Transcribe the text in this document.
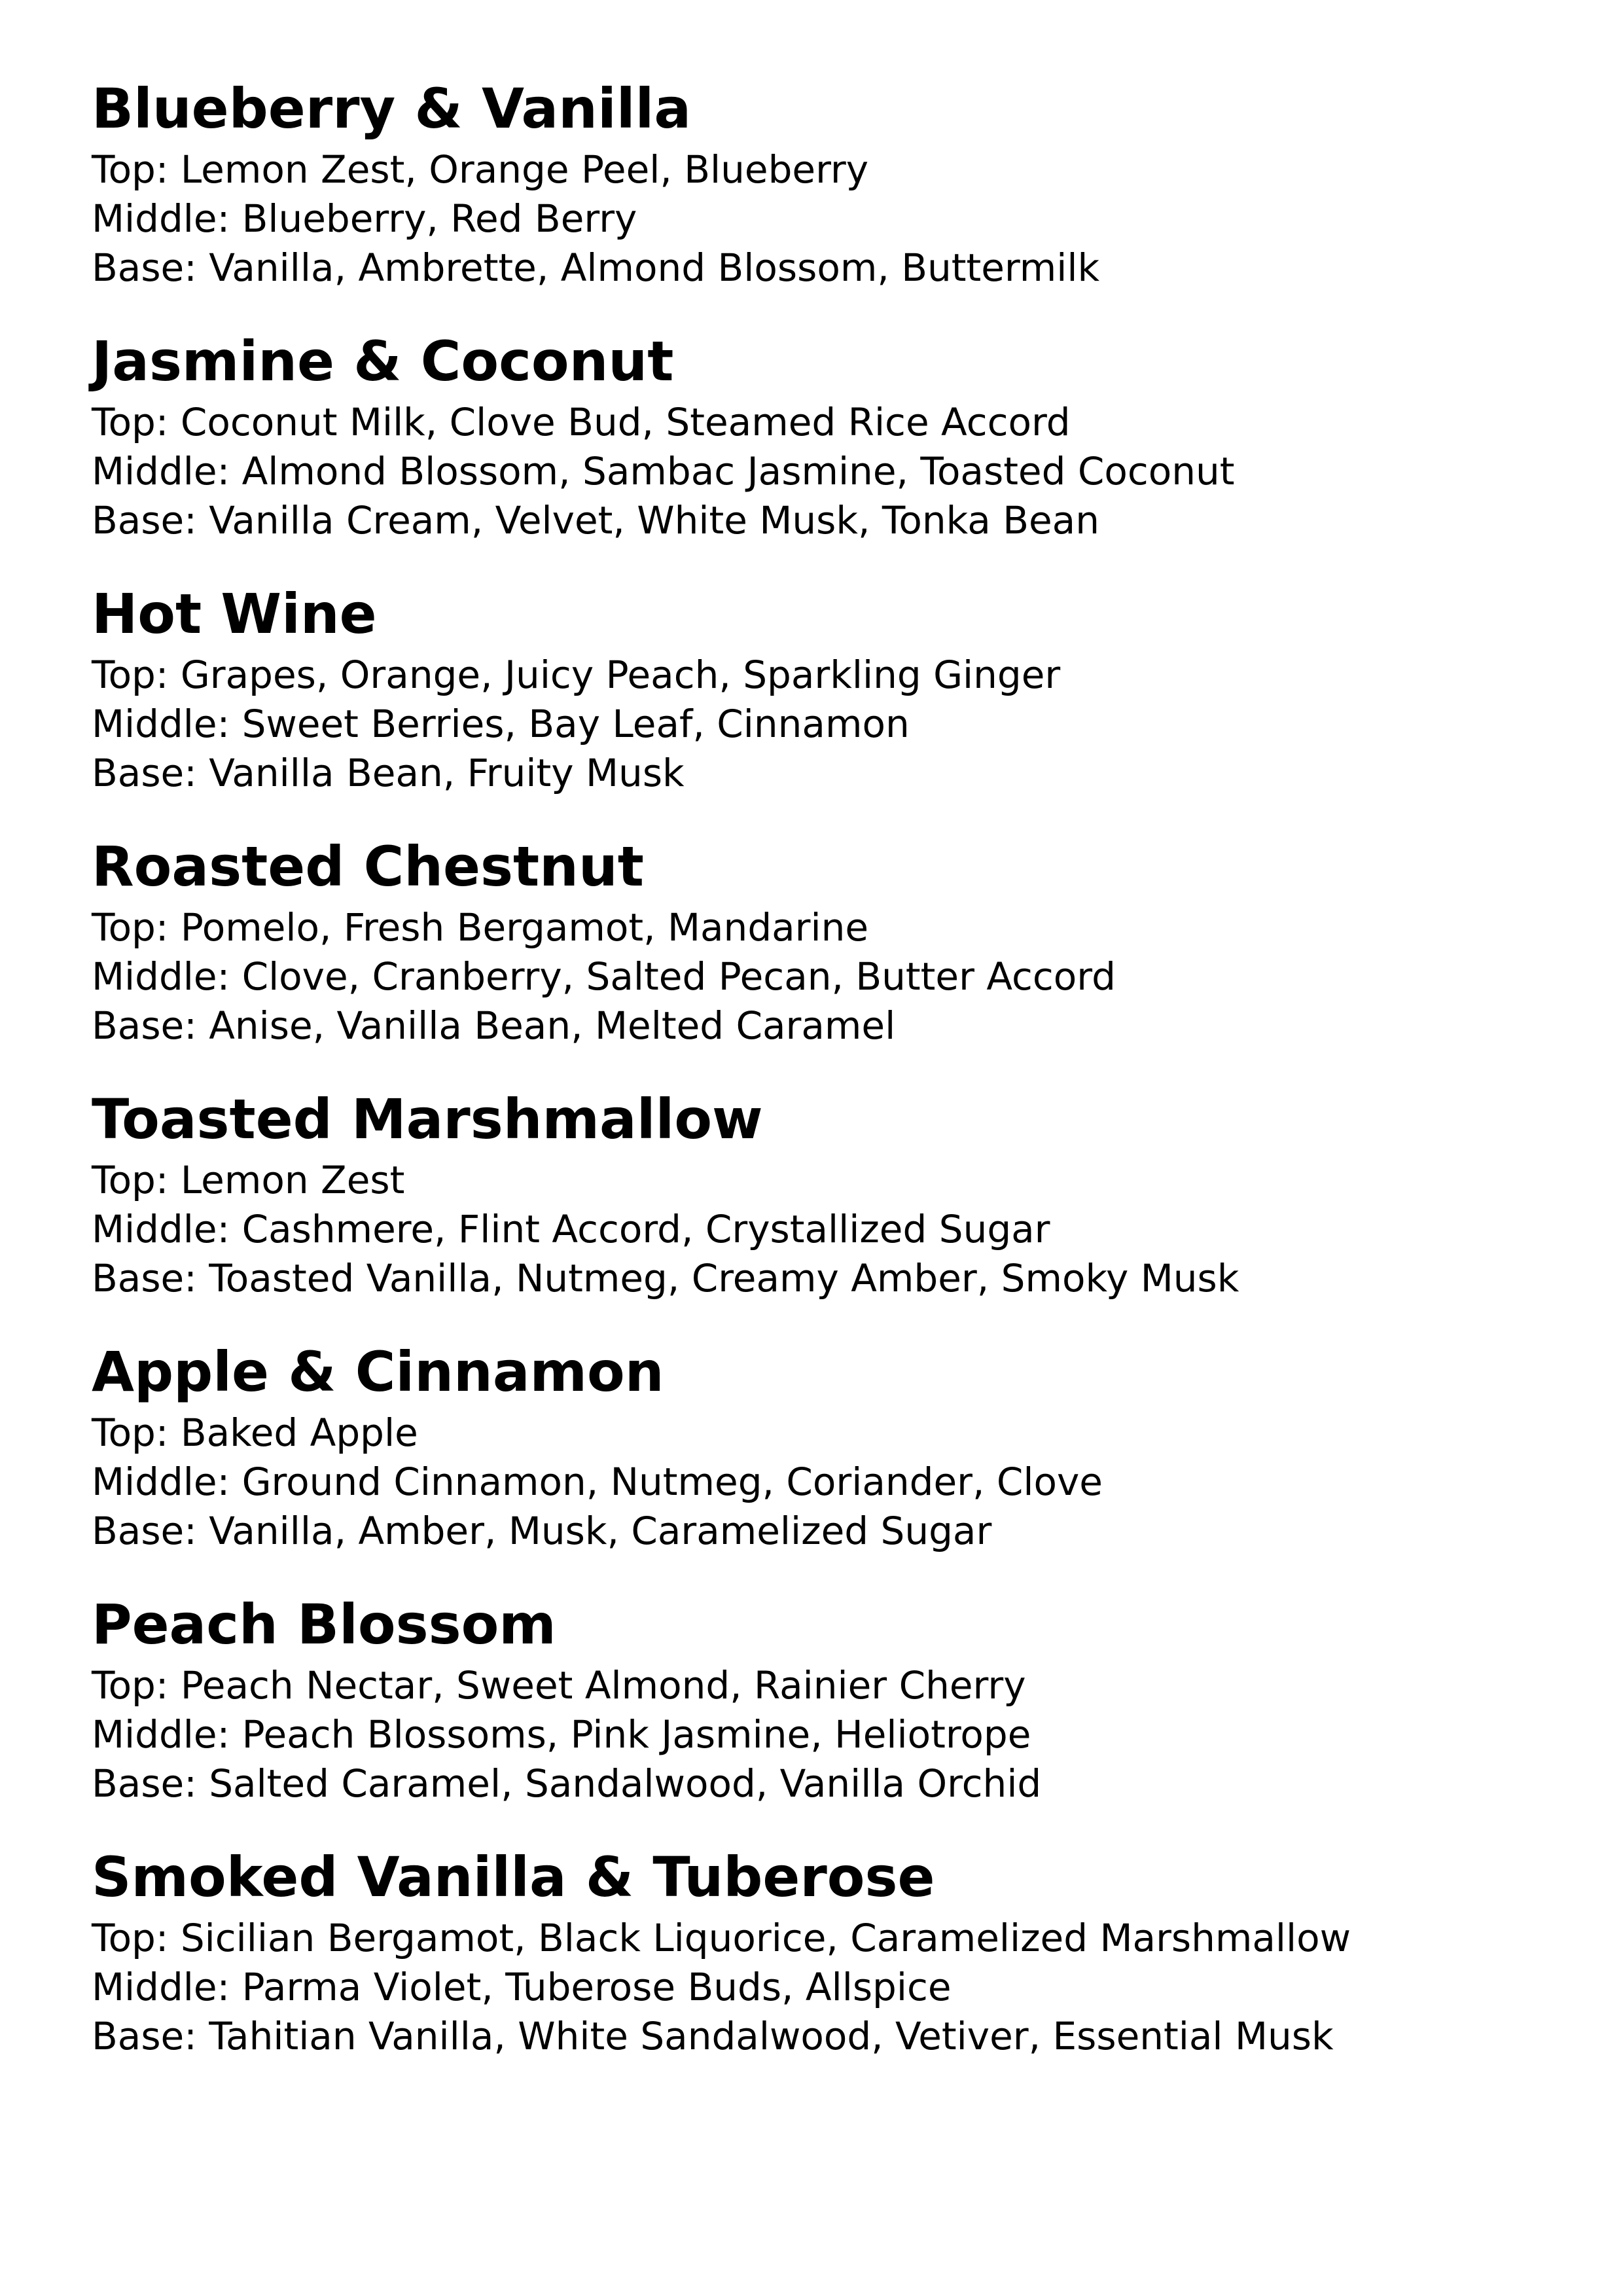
Blueberry & Vanilla

Top: Lemon Zest, Orange Peel, Blueberry

Middle: Blueberry, Red Berry

Base: Vanilla, Ambrette, Almond Blossom, Buttermilk

Jasmine & Coconut

Top: Coconut Milk, Clove Bud, Steamed Rice Accord

Middle: Almond Blossom, Sambac Jasmine, Toasted Coconut

Base: Vanilla Cream, Velvet, White Musk, Tonka Bean

Hot Wine

Top: Grapes, Orange, Juicy Peach, Sparkling Ginger

Middle: Sweet Berries, Bay Leaf, Cinnamon

Base: Vanilla Bean, Fruity Musk

Roasted Chestnut

Top: Pomelo, Fresh Bergamot, Mandarine

Middle: Clove, Cranberry, Salted Pecan, Butter Accord

Base: Anise, Vanilla Bean, Melted Caramel

Toasted Marshmallow

Top: Lemon Zest

Middle: Cashmere, Flint Accord, Crystallized Sugar

Base: Toasted Vanilla, Nutmeg, Creamy Amber, Smoky Musk

Apple & Cinnamon

Top: Baked Apple

Middle: Ground Cinnamon, Nutmeg, Coriander, Clove

Base: Vanilla, Amber, Musk, Caramelized Sugar

Peach Blossom

Top: Peach Nectar, Sweet Almond, Rainier Cherry

Middle: Peach Blossoms, Pink Jasmine, Heliotrope

Base: Salted Caramel, Sandalwood, Vanilla Orchid

Smoked Vanilla & Tuberose

Top: Sicilian Bergamot, Black Liquorice, Caramelized Marshmallow

Middle: Parma Violet, Tuberose Buds, Allspice

Base: Tahitian Vanilla, White Sandalwood, Vetiver, Essential Musk
